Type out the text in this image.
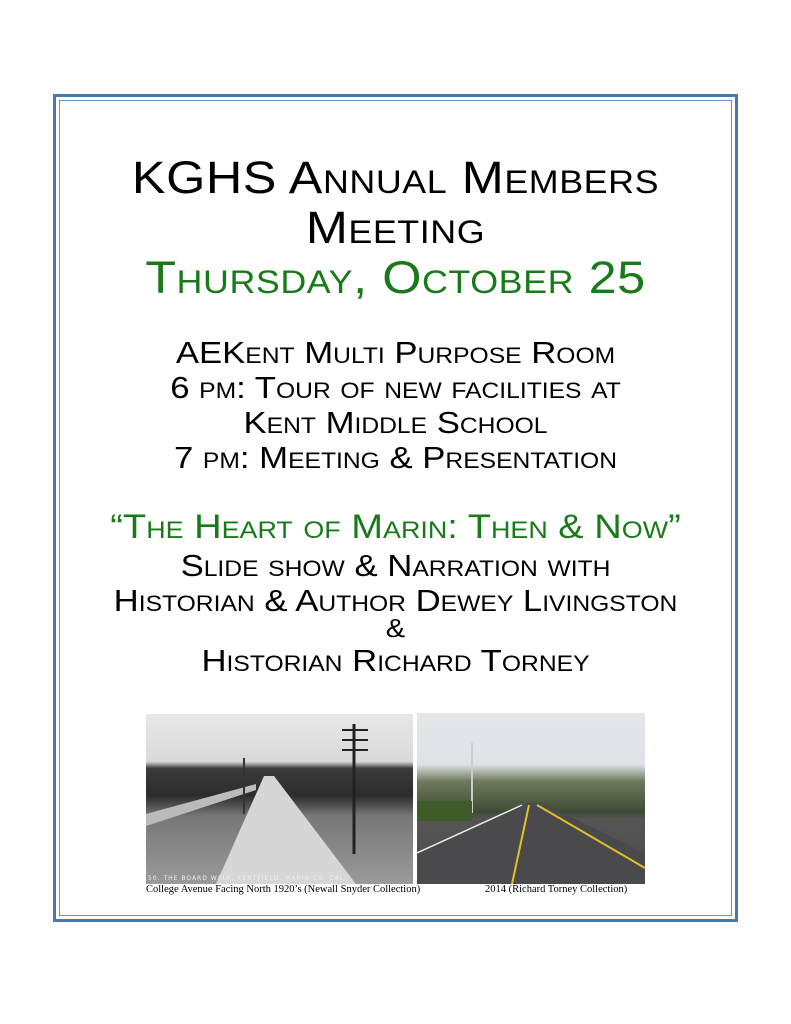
KGHS Annual Members
Meeting
Thursday, October 25
AEKent Multi Purpose Room
6 pm: Tour of new facilities at
Kent Middle School
7 pm: Meeting & Presentation
“The Heart of Marin: Then & Now”
Slide show & Narration with
Historian & Author Dewey Livingston
&
Historian Richard Torney
50. THE BOARD WALK, KENTFIELD, MARIN CO. CAL.
College Avenue Facing North 1920’s (Newall Snyder Collection)	2014 (Richard Torney Collection)
